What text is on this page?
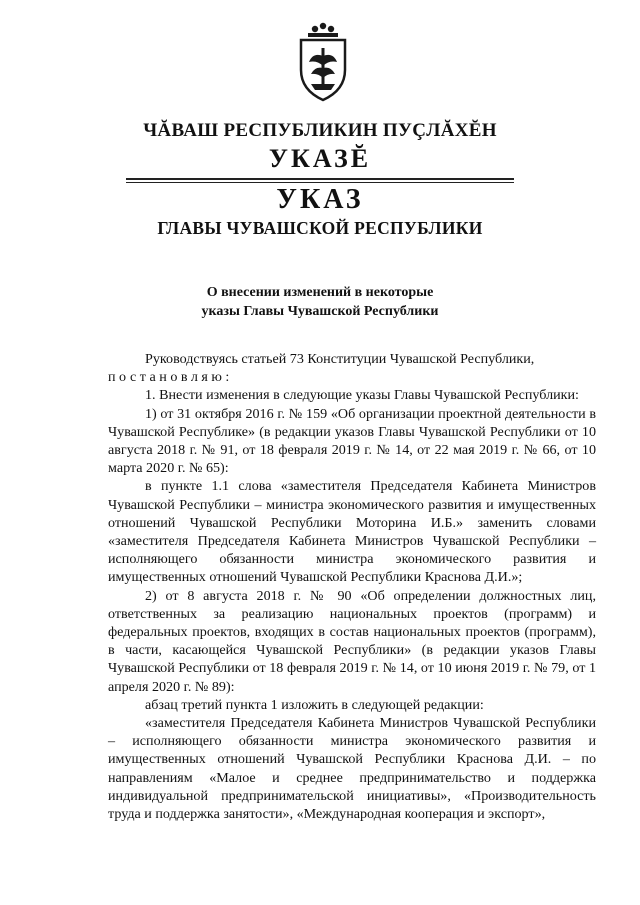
ЧĂВАШ РЕСПУБЛИКИН ПУÇЛĂХĔН
УКАЗĔ
УКАЗ
ГЛАВЫ ЧУВАШСКОЙ РЕСПУБЛИКИ
О внесении изменений в некоторые
указы Главы Чувашской Республики

Руководствуясь статьей 73 Конституции Чувашской Республики,

постановляю:

1. Внести изменения в следующие указы Главы Чувашской Республики:

1) от 31 октября 2016 г. № 159 «Об организации проектной деятельности в Чувашской Республике» (в редакции указов Главы Чувашской Республики от 10 августа 2018 г. № 91, от 18 февраля 2019 г. № 14, от 22 мая 2019 г. № 66, от 10 марта 2020 г. № 65):

в пункте 1.1 слова «заместителя Председателя Кабинета Министров Чувашской Республики – министра экономического развития и имущественных отношений Чувашской Республики Моторина И.Б.» заменить словами «заместителя Председателя Кабинета Министров Чувашской Республики – исполняющего обязанности министра экономического развития и имущественных отношений Чувашской Республики Краснова Д.И.»;

2) от 8 августа 2018 г. № 90 «Об определении должностных лиц, ответственных за реализацию национальных проектов (программ) и федеральных проектов, входящих в состав национальных проектов (программ), в части, касающейся Чувашской Республики» (в редакции указов Главы Чувашской Республики от 18 февраля 2019 г. № 14, от 10 июня 2019 г. № 79, от 1 апреля 2020 г. № 89):

абзац третий пункта 1 изложить в следующей редакции:

«заместителя Председателя Кабинета Министров Чувашской Республики – исполняющего обязанности министра экономического развития и имущественных отношений Чувашской Республики Краснова Д.И. – по направлениям «Малое и среднее предпринимательство и поддержка индивидуальной предпринимательской инициативы», «Производительность труда и поддержка занятости», «Международная кооперация и экспорт»,
